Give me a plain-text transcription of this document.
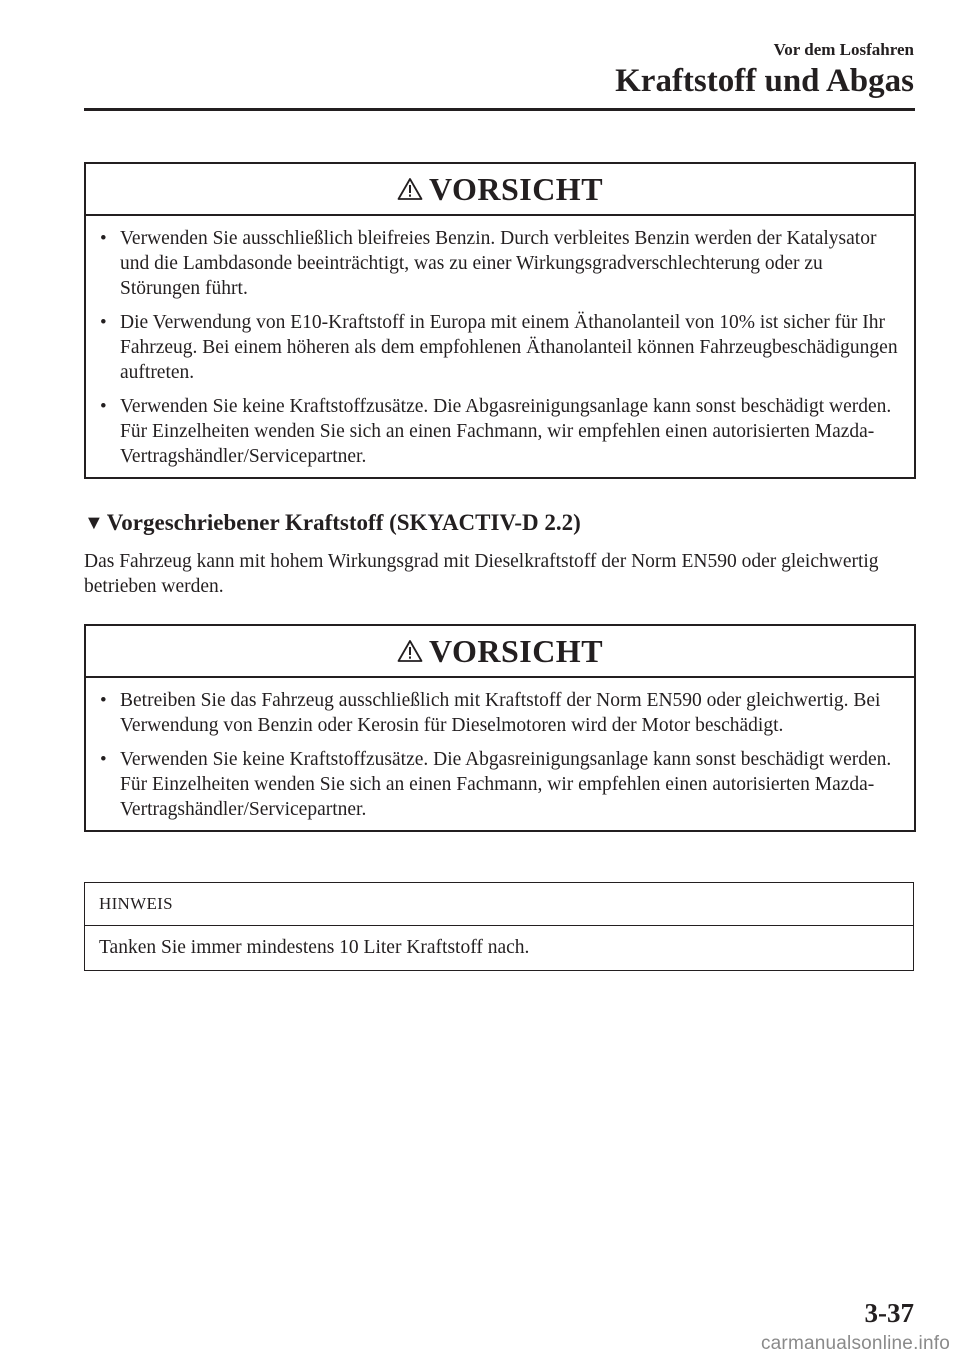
Vor dem Losfahren
Kraftstoff und Abgas
VORSICHT
• Verwenden Sie ausschließlich bleifreies Benzin. Durch verbleites Benzin werden der Katalysator und die Lambdasonde beeinträchtigt, was zu einer Wirkungsgradverschlechterung oder zu Störungen führt.
• Die Verwendung von E10-Kraftstoff in Europa mit einem Äthanolanteil von 10% ist sicher für Ihr Fahrzeug. Bei einem höheren als dem empfohlenen Äthanolanteil können Fahrzeugbeschädigungen auftreten.
• Verwenden Sie keine Kraftstoffzusätze. Die Abgasreinigungsanlage kann sonst beschädigt werden. Für Einzelheiten wenden Sie sich an einen Fachmann, wir empfehlen einen autorisierten Mazda-Vertragshändler/Servicepartner.
▼ Vorgeschriebener Kraftstoff (SKYACTIV-D 2.2)
Das Fahrzeug kann mit hohem Wirkungsgrad mit Dieselkraftstoff der Norm EN590 oder gleichwertig betrieben werden.
VORSICHT
• Betreiben Sie das Fahrzeug ausschließlich mit Kraftstoff der Norm EN590 oder gleichwertig. Bei Verwendung von Benzin oder Kerosin für Dieselmotoren wird der Motor beschädigt.
• Verwenden Sie keine Kraftstoffzusätze. Die Abgasreinigungsanlage kann sonst beschädigt werden. Für Einzelheiten wenden Sie sich an einen Fachmann, wir empfehlen einen autorisierten Mazda-Vertragshändler/Servicepartner.
HINWEIS
Tanken Sie immer mindestens 10 Liter Kraftstoff nach.
3-37
carmanualsonline.info
